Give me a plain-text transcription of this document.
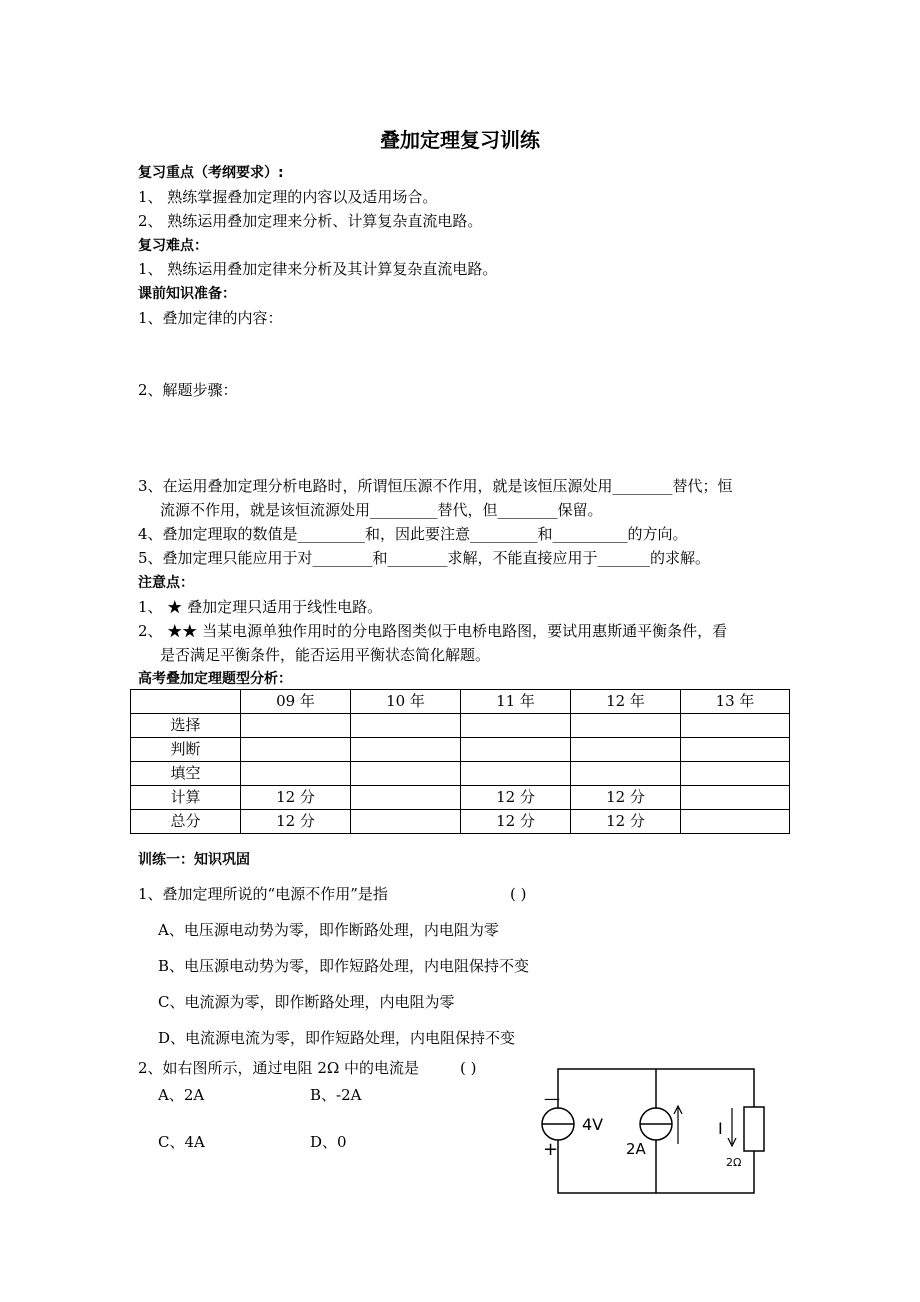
叠加定理复习训练
复习重点（考纲要求）:
1、 熟练掌握叠加定理的内容以及适用场合。
2、 熟练运用叠加定理来分析、计算复杂直流电路。
复习难点：
1、 熟练运用叠加定律来分析及其计算复杂直流电路。
课前知识准备：
1、叠加定律的内容：
2、解题步骤：
3、在运用叠加定理分析电路时，所谓恒压源不作用，就是该恒压源处用________替代；恒
流源不作用，就是该恒流源处用_________替代，但________保留。
4、叠加定理取的数值是_________和，因此要注意_________和__________的方向。
5、叠加定理只能应用于对________和________求解，不能直接应用于_______的求解。
注意点：
1、 ★ 叠加定理只适用于线性电路。
2、 ★★ 当某电源单独作用时的分电路图类似于电桥电路图，要试用惠斯通平衡条件，看
是否满足平衡条件，能否运用平衡状态简化解题。
高考叠加定理题型分析：
	09 年	10 年	11 年	12 年	13 年
选择					
判断					
填空					
计算	12 分		12 分	12 分	
总分	12 分		12 分	12 分	
训练一：知识巩固
1、叠加定理所说的“电源不作用”是指	( )
A、电压源电动势为零，即作断路处理，内电阻为零
B、电压源电动势为零，即作短路处理，内电阻保持不变
C、电流源为零，即作断路处理，内电阻为零
D、电流源电流为零，即作短路处理，内电阻保持不变
2、如右图所示，通过电阻 2Ω 中的电流是	( )
A、2A	B、-2A
C、4A	D、0
—
+
4V
2A
I
2Ω
